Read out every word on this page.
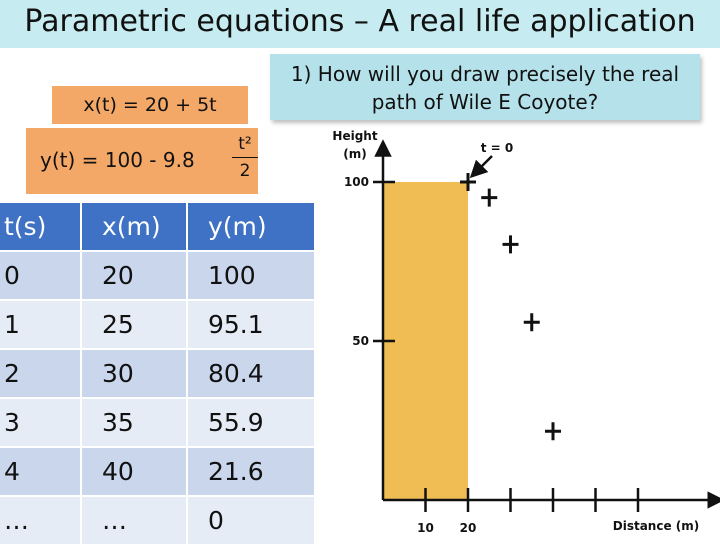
Parametric equations – A real life application
1) How will you draw precisely the real
path of Wile E Coyote?
x(t) = 20 + 5t
y(t) = 100 - 9.8
t²
2
t(s)	x(m)	y(m)
0	20	100
1	25	95.1
2	30	80.4
3	35	55.9
4	40	21.6
…	…	0
100
50
10 20
Height
(m)
Distance (m)
t = 0
